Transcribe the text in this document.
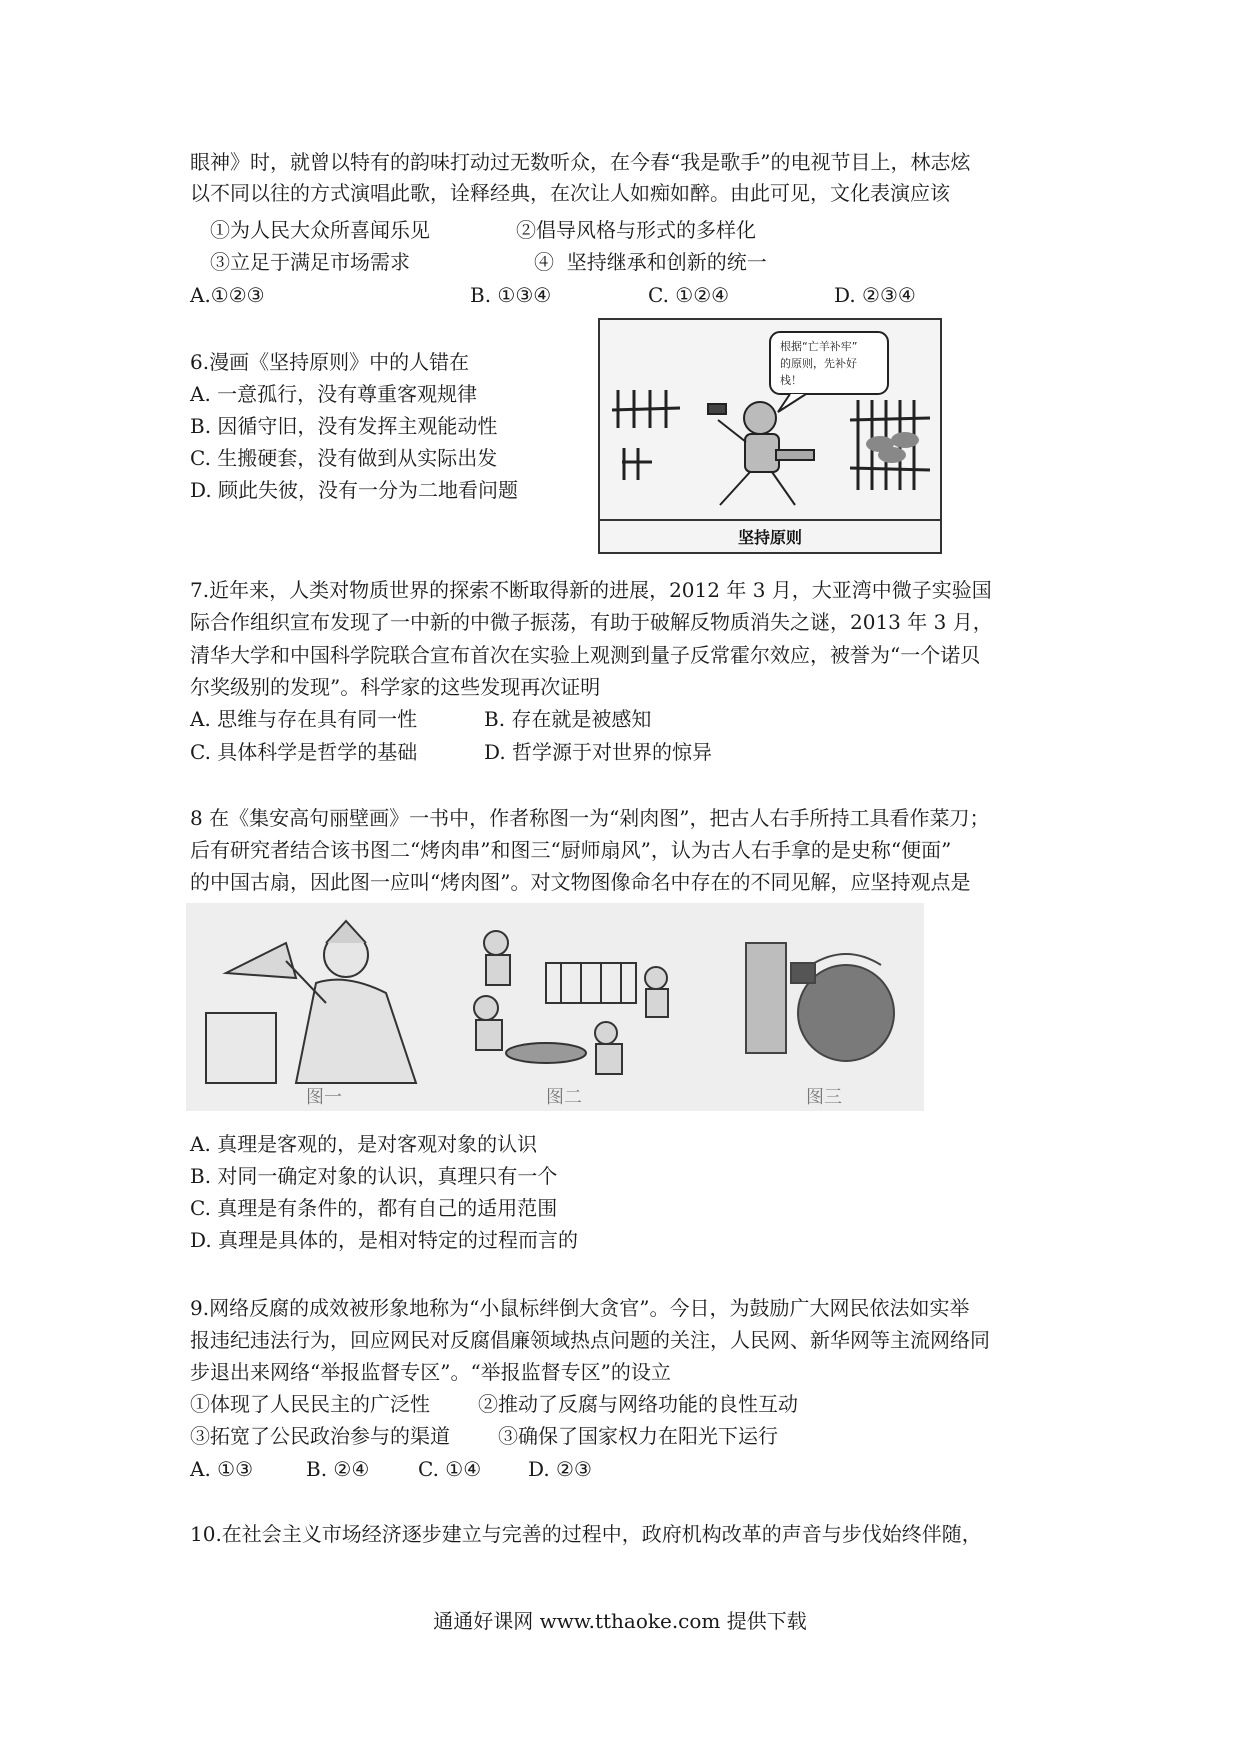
眼神》时，就曾以特有的韵味打动过无数听众，在今春“我是歌手”的电视节目上，林志炫
以不同以往的方式演唱此歌，诠释经典，在次让人如痴如醉。由此可见，文化表演应该
①为人民大众所喜闻乐见	②倡导风格与形式的多样化
③立足于满足市场需求	④  坚持继承和创新的统一
A.①②③	B. ①③④	C. ①②④	D. ②③④
6.漫画《坚持原则》中的人错在
A. 一意孤行，没有尊重客观规律
B. 因循守旧，没有发挥主观能动性
C. 生搬硬套，没有做到从实际出发
D. 顾此失彼，没有一分为二地看问题
根据“亡羊补牢”
的原则，先补好
栈！
坚持原则
7.近年来，人类对物质世界的探索不断取得新的进展，2012 年 3 月，大亚湾中微子实验国
际合作组织宣布发现了一中新的中微子振荡，有助于破解反物质消失之谜，2013 年 3 月，
清华大学和中国科学院联合宣布首次在实验上观测到量子反常霍尔效应，被誉为“一个诺贝
尔奖级别的发现”。科学家的这些发现再次证明
A. 思维与存在具有同一性	B. 存在就是被感知
C. 具体科学是哲学的基础	D. 哲学源于对世界的惊异
8 在《集安高句丽壁画》一书中，作者称图一为“剁肉图”，把古人右手所持工具看作菜刀；
后有研究者结合该书图二“烤肉串”和图三“厨师扇风”，认为古人右手拿的是史称“便面”
的中国古扇，因此图一应叫“烤肉图”。对文物图像命名中存在的不同见解，应坚持观点是
图一	图二	图三
A. 真理是客观的，是对客观对象的认识
B. 对同一确定对象的认识，真理只有一个
C. 真理是有条件的，都有自己的适用范围
D. 真理是具体的，是相对特定的过程而言的
9.网络反腐的成效被形象地称为“小鼠标绊倒大贪官”。今日，为鼓励广大网民依法如实举
报违纪违法行为，回应网民对反腐倡廉领域热点问题的关注，人民网、新华网等主流网络同
步退出来网络“举报监督专区”。“举报监督专区”的设立
①体现了人民民主的广泛性 ②推动了反腐与网络功能的良性互动
③拓宽了公民政治参与的渠道 ③确保了国家权力在阳光下运行
A. ①③	B. ②④ C. ①④ D. ②③
10.在社会主义市场经济逐步建立与完善的过程中，政府机构改革的声音与步伐始终伴随，
通通好课网 www.tthaoke.com 提供下载
